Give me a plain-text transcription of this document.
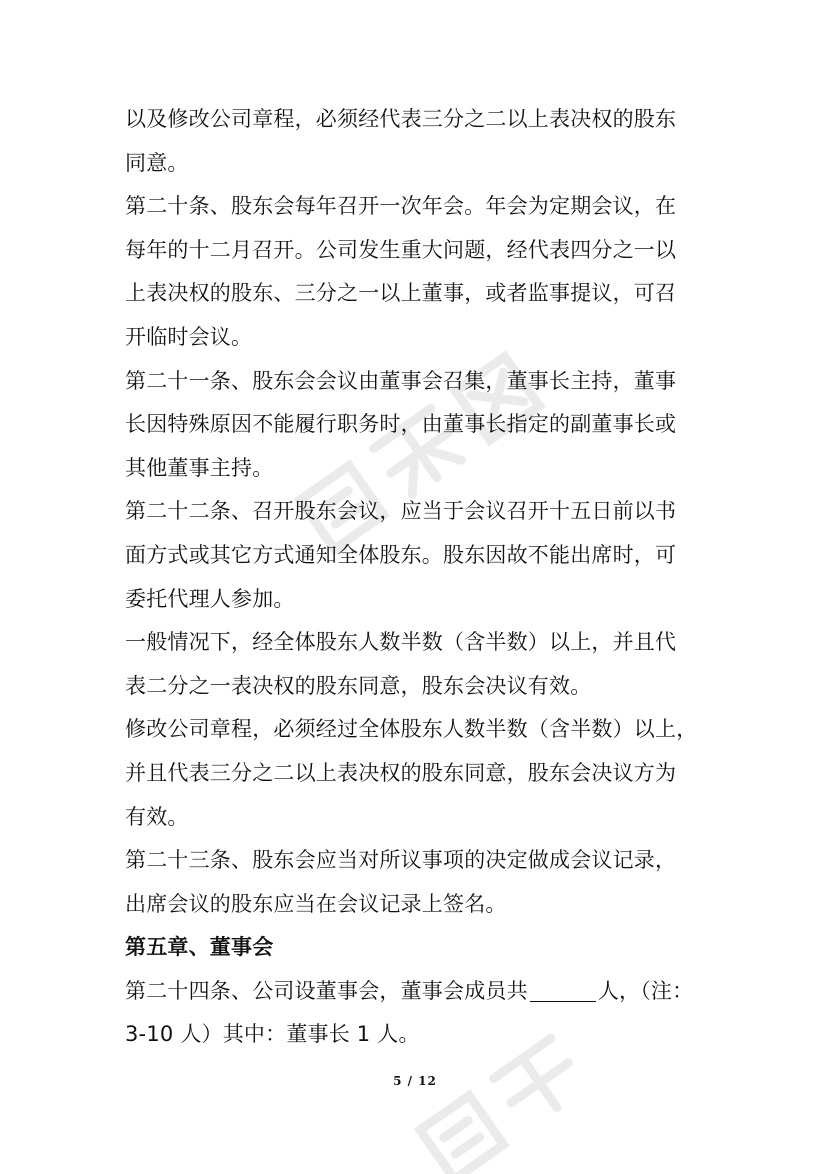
以及修改公司章程，必须经代表三分之二以上表决权的股东
同意。
第二十条、股东会每年召开一次年会。年会为定期会议，在
每年的十二月召开。公司发生重大问题，经代表四分之一以
上表决权的股东、三分之一以上董事，或者监事提议，可召
开临时会议。
第二十一条、股东会会议由董事会召集，董事长主持，董事
长因特殊原因不能履行职务时，由董事长指定的副董事长或
其他董事主持。
第二十二条、召开股东会议，应当于会议召开十五日前以书
面方式或其它方式通知全体股东。股东因故不能出席时，可
委托代理人参加。
一般情况下，经全体股东人数半数（含半数）以上，并且代
表二分之一表决权的股东同意，股东会决议有效。
修改公司章程，必须经过全体股东人数半数（含半数）以上，
并且代表三分之二以上表决权的股东同意，股东会决议方为
有效。
第二十三条、股东会应当对所议事项的决定做成会议记录，
出席会议的股东应当在会议记录上签名。
第五章、董事会
第二十四条、公司设董事会，董事会成员共	人，（注：
3-10 人）其中：董事长 1 人。
5 / 12
